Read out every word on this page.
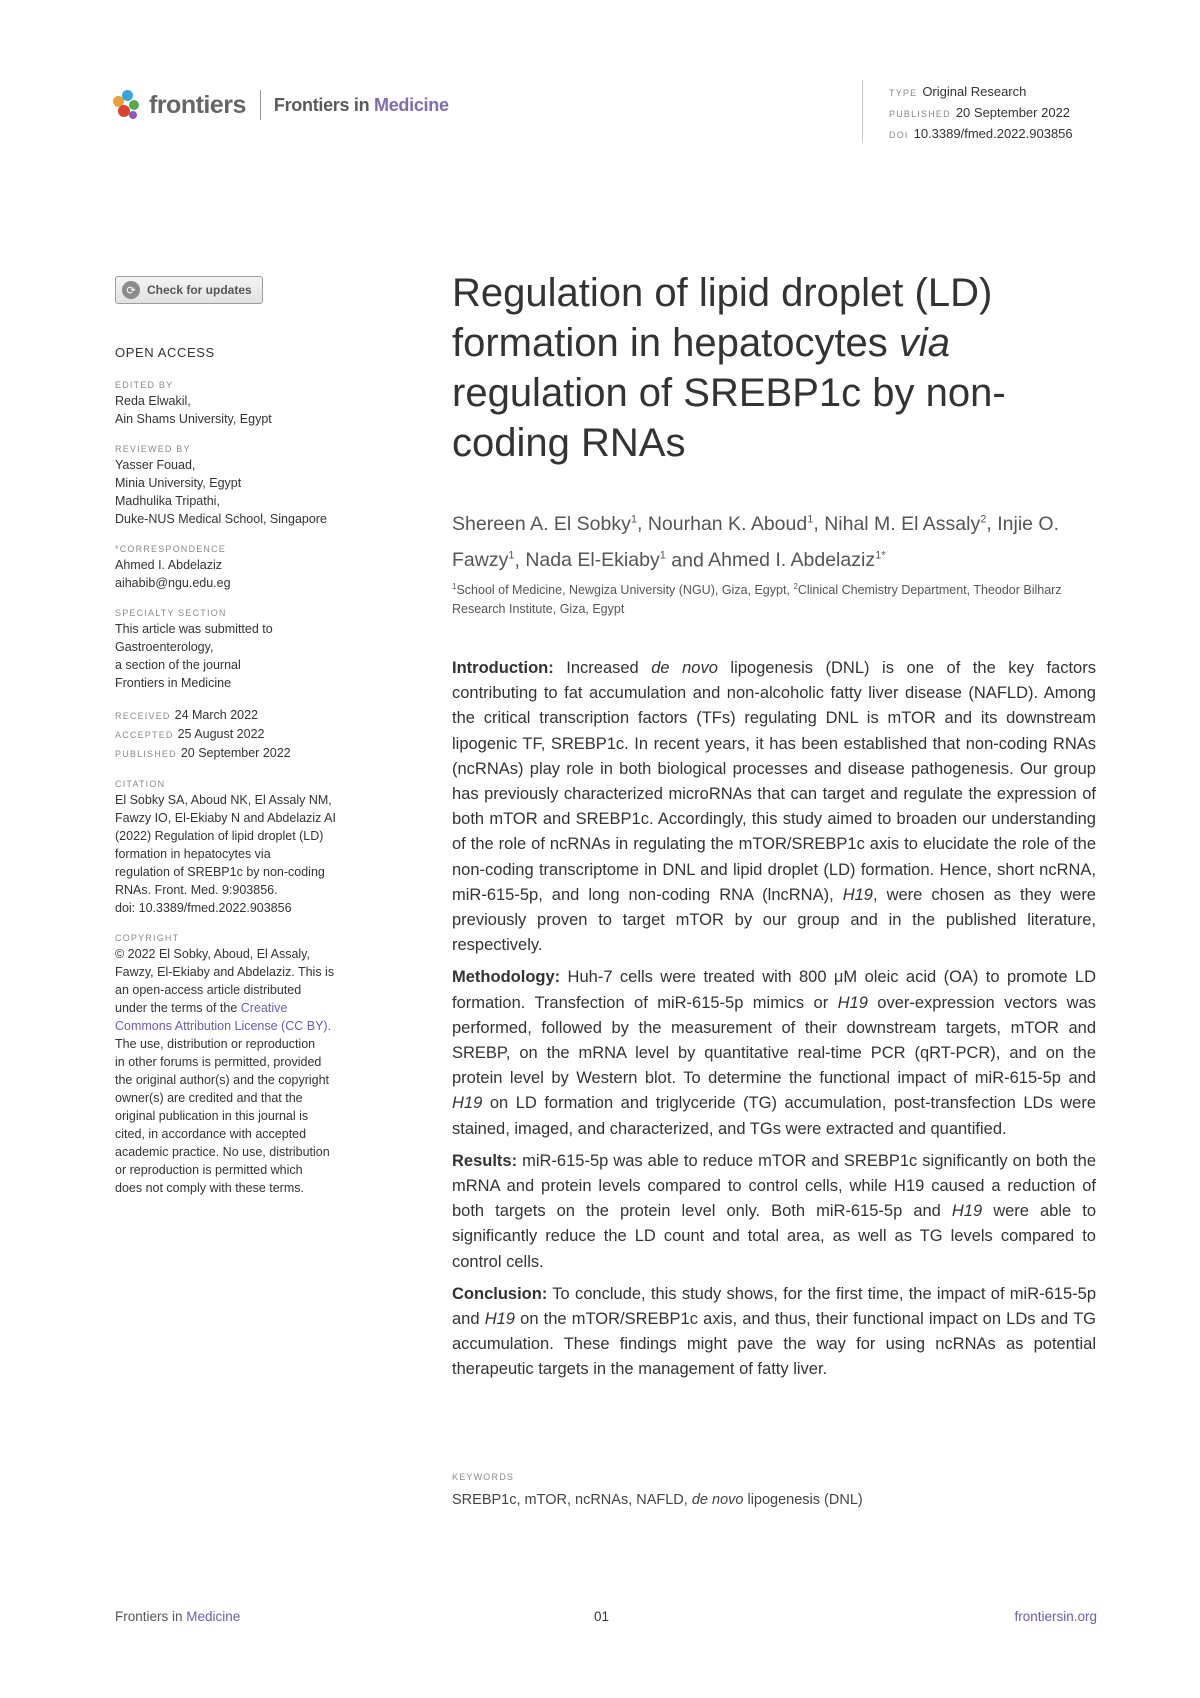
frontiers Frontiers in Medicine
TYPE Original Research
PUBLISHED 20 September 2022
DOI 10.3389/fmed.2022.903856
⟳ Check for updates
OPEN ACCESS
EDITED BY
Reda Elwakil,
Ain Shams University, Egypt
REVIEWED BY
Yasser Fouad,
Minia University, Egypt
Madhulika Tripathi,
Duke-NUS Medical School, Singapore
*CORRESPONDENCE
Ahmed I. Abdelaziz
aihabib@ngu.edu.eg
SPECIALTY SECTION
This article was submitted to
Gastroenterology,
a section of the journal
Frontiers in Medicine
RECEIVED 24 March 2022
ACCEPTED 25 August 2022
PUBLISHED 20 September 2022
CITATION
El Sobky SA, Aboud NK, El Assaly NM,
Fawzy IO, El-Ekiaby N and Abdelaziz AI
(2022) Regulation of lipid droplet (LD)
formation in hepatocytes via
regulation of SREBP1c by non-coding
RNAs. Front. Med. 9:903856.
doi: 10.3389/fmed.2022.903856
COPYRIGHT
© 2022 El Sobky, Aboud, El Assaly,
Fawzy, El-Ekiaby and Abdelaziz. This is
an open-access article distributed
under the terms of the Creative
Commons Attribution License (CC BY).
The use, distribution or reproduction
in other forums is permitted, provided
the original author(s) and the copyright
owner(s) are credited and that the
original publication in this journal is
cited, in accordance with accepted
academic practice. No use, distribution
or reproduction is permitted which
does not comply with these terms.
Regulation of lipid droplet (LD) formation in hepatocytes via regulation of SREBP1c by non-coding RNAs
Shereen A. El Sobky$^1$, Nourhan K. Aboud$^1$, Nihal M. El Assaly$^2$, Injie O. Fawzy$^1$, Nada El-Ekiaby$^1$ and Ahmed I. Abdelaziz$^{1*}$
$^1$School of Medicine, Newgiza University (NGU), Giza, Egypt, $^2$Clinical Chemistry Department, Theodor Bilharz Research Institute, Giza, Egypt

Introduction: Increased de novo lipogenesis (DNL) is one of the key factors contributing to fat accumulation and non-alcoholic fatty liver disease (NAFLD). Among the critical transcription factors (TFs) regulating DNL is mTOR and its downstream lipogenic TF, SREBP1c. In recent years, it has been established that non-coding RNAs (ncRNAs) play role in both biological processes and disease pathogenesis. Our group has previously characterized microRNAs that can target and regulate the expression of both mTOR and SREBP1c. Accordingly, this study aimed to broaden our understanding of the role of ncRNAs in regulating the mTOR/SREBP1c axis to elucidate the role of the non-coding transcriptome in DNL and lipid droplet (LD) formation. Hence, short ncRNA, miR-615-5p, and long non-coding RNA (lncRNA), H19, were chosen as they were previously proven to target mTOR by our group and in the published literature, respectively.

Methodology: Huh-7 cells were treated with 800 μM oleic acid (OA) to promote LD formation. Transfection of miR-615-5p mimics or H19 over-expression vectors was performed, followed by the measurement of their downstream targets, mTOR and SREBP, on the mRNA level by quantitative real-time PCR (qRT-PCR), and on the protein level by Western blot. To determine the functional impact of miR-615-5p and H19 on LD formation and triglyceride (TG) accumulation, post-transfection LDs were stained, imaged, and characterized, and TGs were extracted and quantified.

Results: miR-615-5p was able to reduce mTOR and SREBP1c significantly on both the mRNA and protein levels compared to control cells, while H19 caused a reduction of both targets on the protein level only. Both miR-615-5p and H19 were able to significantly reduce the LD count and total area, as well as TG levels compared to control cells.

Conclusion: To conclude, this study shows, for the first time, the impact of miR-615-5p and H19 on the mTOR/SREBP1c axis, and thus, their functional impact on LDs and TG accumulation. These findings might pave the way for using ncRNAs as potential therapeutic targets in the management of fatty liver.

KEYWORDS
SREBP1c, mTOR, ncRNAs, NAFLD, de novo lipogenesis (DNL)
Frontiers in Medicine	01	frontiersin.org
